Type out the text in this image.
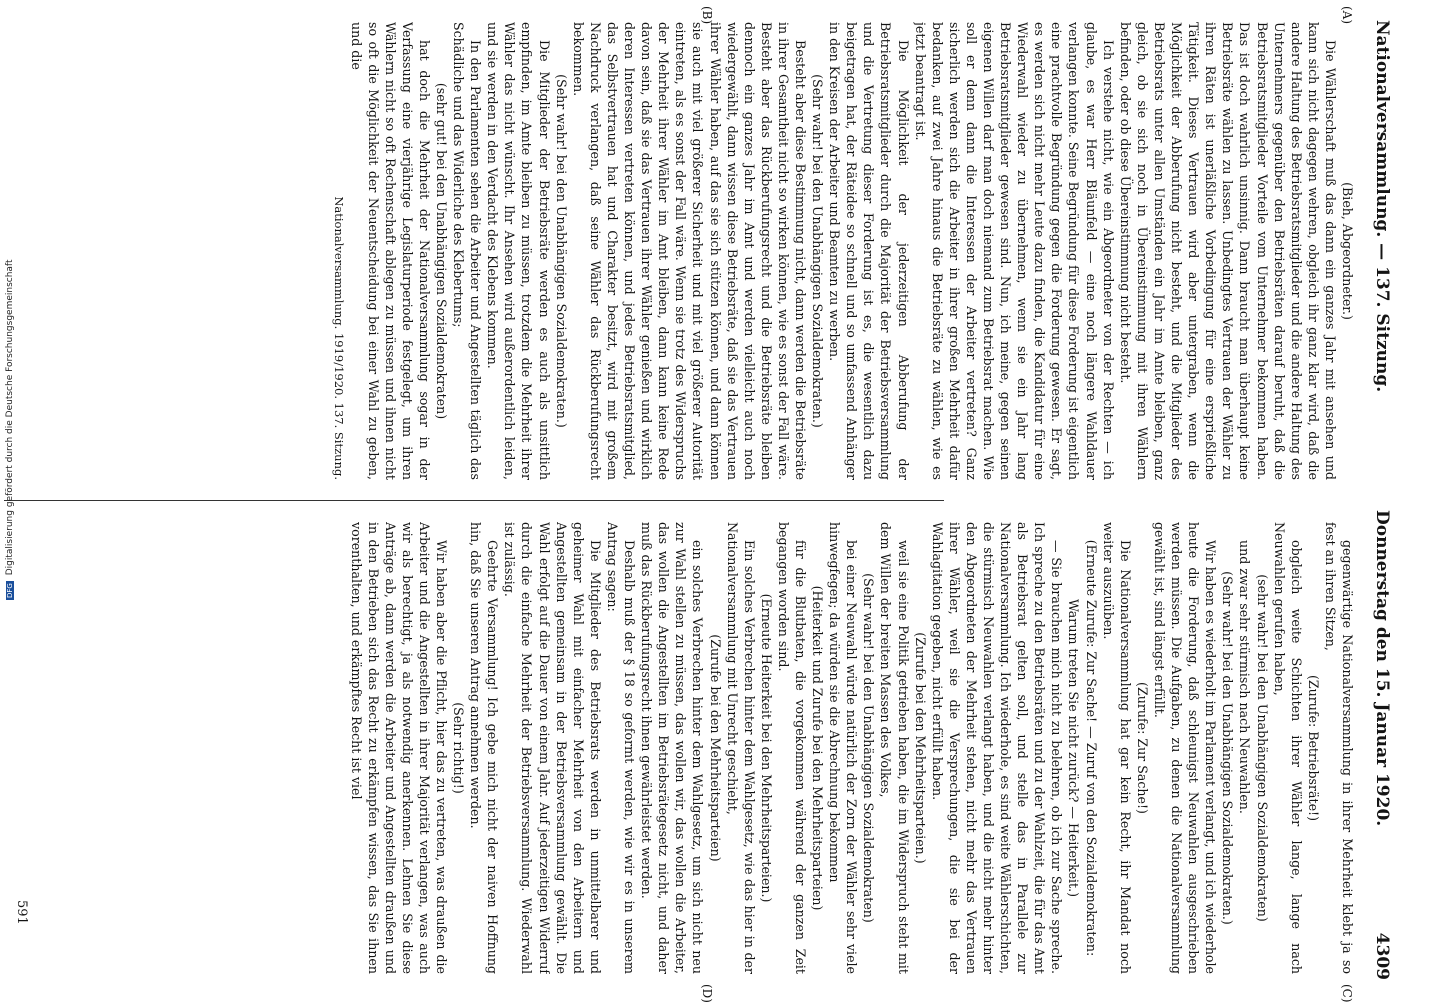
Nationalversammlung. — 137. Sitzung.
Donnerstag den 15. Januar 1920.
4309
(A)
(B)
(C)
(D)

(Bieh, Abgeordneter.)

Die Wählerschaft muß das dann ein ganzes Jahr mit ansehen und kann sich nicht dagegen wehren, obgleich ihr ganz klar wird, daß die andere Haltung des Betriebsratsmitglieder und die andere Haltung des Unternehmers gegenüber den Betriebsräten darauf beruht, daß die Betriebsratsmitglieder Vorteile vom Unternehmer bekommen haben. Das ist doch wahrlich unsinnig. Dann braucht man überhaupt keine Betriebsräte wählen zu lassen. Unbedingtes Vertrauen der Wähler zu ihren Räten ist unerläßliche Vorbedingung für eine ersprießliche Tätigkeit. Dieses Vertrauen wird aber untergraben, wenn die Möglichkeit der Abberufung nicht besteht, und die Mitglieder des Betriebsrats unter allen Umständen ein Jahr im Amte bleiben, ganz gleich, ob sie sich noch in Übereinstimmung mit ihren Wählern befinden, oder ob diese Übereinstimmung nicht besteht.

Ich verstehe nicht, wie ein Abgeordneter von der Rechten — ich glaube, es war Herr Bläunfeld — eine noch längere Wahldauer verlangen konnte. Seine Begründung für diese Forderung ist eigentlich eine prachtvolle Begründung gegen die Forderung gewesen. Er sagt, es werden sich nicht mehr Leute dazu finden, die Kandidatur für eine Wiederwahl wieder zu übernehmen, wenn sie ein Jahr lang Betriebsratsmitglieder gewesen sind. Nun, ich meine, gegen seinen eigenen Willen darf man doch niemand zum Betriebsrat machen. Wie soll er denn dann die Interessen der Arbeiter vertreten? Ganz sicherlich werden sich die Arbeiter in ihrer großen Mehrheit dafür bedanken, auf zwei Jahre hinaus die Betriebsräte zu wählen, wie es jetzt beantragt ist.

Die Möglichkeit der jederzeitigen Abberufung der Betriebsratsmitglieder durch die Majorität der Betriebsversammlung und die Vertretung dieser Forderung ist es, die wesentlich dazu beigetragen hat, der Räteidee so schnell und so umfassend Anhänger in den Kreisen der Arbeiter und Beamten zu werben.

(Sehr wahr! bei den Unabhängigen Sozialdemokraten.)

Besteht aber diese Bestimmung nicht, dann werden die Betriebsräte in ihrer Gesamtheit nicht so wirken können, wie es sonst der Fall wäre. Besteht aber das Rückberufungsrecht und die Betriebsräte bleiben dennoch ein ganzes Jahr im Amt und werden vielleicht auch noch wiedergewählt, dann wissen diese Betriebsräte, daß sie das Vertrauen ihrer Wähler haben, auf das sie sich stützen können, und dann können sie auch mit viel größerer Sicherheit und mit viel größerer Autorität eintreten, als es sonst der Fall wäre. Wenn sie trotz des Widerspruchs der Mehrheit ihrer Wähler im Amt bleiben, dann kann keine Rede davon sein, daß sie das Vertrauen ihrer Wähler genießen und wirklich deren Interessen vertreten können, und jedes Betriebsratsmitglied, das Selbstvertrauen hat und Charakter besitzt, wird mit großem Nachdruck verlangen, daß seine Wähler das Rückberufungsrecht bekommen.

(Sehr wahr! bei den Unabhängigen Sozialdemokraten.)

Die Mitglieder der Betriebsräte werden es auch als unsittlich empfinden, im Amte bleiben zu müssen, trotzdem die Mehrheit ihrer Wähler das nicht wünscht. Ihr Ansehen wird außerordentlich leiden, und sie werden in den Verdacht des Klebens kommen.

In den Parlamenten sehen die Arbeiter und Angestellten täglich das Schädliche und das Widerliche des Klebertums;

(sehr gut! bei den Unabhängigen Sozialdemokraten)

hat doch die Mehrheit der Nationalversammlung sogar in der Verfassung eine vierjährige Legislaturperiode festgelegt, um ihren Wählern nicht so oft Rechenschaft ablegen zu müssen und ihnen nicht so oft die Möglichkeit der Neuentscheidung bei einer Wahl zu geben, und die

Nationalversammlung. 1919/1920. 137. Sitzung.

gegenwärtige Nationalversammlung in ihrer Mehrheit klebt ja so fest an ihren Sitzen,

(Zurufe: Betriebsräte!)

obgleich weite Schichten ihrer Wähler lange, lange nach Neuwahlen gerufen haben,

(sehr wahr! bei den Unabhängigen Sozialdemokraten)

und zwar sehr stürmisch nach Neuwahlen.

(Sehr wahr! bei den Unabhängigen Sozialdemokraten.)

Wir haben es wiederholt im Parlament verlangt, und ich wiederhole heute die Forderung, daß schleunigst Neuwahlen ausgeschrieben werden müssen. Die Aufgaben, zu denen die Nationalversammlung gewählt ist, sind längst erfüllt.

(Zurufe: Zur Sache!)

Die Nationalversammlung hat gar kein Recht, ihr Mandat noch weiter auszuüben.

(Erneute Zurufe: Zur Sache! — Zuruf von den Sozialdemokraten: Warum treten Sie nicht zurück? — Heiterkeit.)

— Sie brauchen mich nicht zu belehren, ob ich zur Sache spreche. Ich spreche zu den Betriebsräten und zu der Wahlzeit, die für das Amt als Betriebsrat gelten soll, und stelle das in Parallele zur Nationalversammlung. Ich wiederhole, es sind weite Wählerschichten, die stürmisch Neuwahlen verlangt haben, und die nicht mehr hinter den Abgeordneten der Mehrheit stehen, nicht mehr das Vertrauen ihrer Wähler, weil sie die Versprechungen, die sie bei der Wahlagitation gegeben, nicht erfüllt haben.

(Zurufe bei den Mehrheitsparteien.)

weil sie eine Politik getrieben haben, die im Widerspruch steht mit dem Willen der breiten Massen des Volkes,

(Sehr wahr! bei den Unabhängigen Sozialdemokraten)

bei einer Neuwahl würde natürlich der Zorn der Wähler sehr viele hinwegfegen; da würden sie die Abrechnung bekommen

(Heiterkeit und Zurufe bei den Mehrheitsparteien)

für die Blutbaten, die vorgekommen während der ganzen Zeit begangen worden sind.

(Erneute Heiterkeit bei den Mehrheitsparteien.)

Ein solches Verbrechen hinter dem Wahlgesetz, wie das hier in der Nationalversammlung mit Unrecht geschieht,

(Zurufe bei den Mehrheitsparteien)

ein solches Verbrechen hinter dem Wahlgesetz, um sich nicht neu zur Wahl stellen zu müssen, das wollen wir, das wollen die Arbeiter, das wollen die Angestellten im Betriebsrätegesetz nicht, und daher muß das Rückberufungsrecht ihnen gewährleistet werden.

Deshalb muß der § 18 so geformt werden, wie wir es in unserem Antrag sagen:

Die Mitglieder des Betriebsrats werden in unmittelbarer und geheimer Wahl mit einfacher Mehrheit von den Arbeitern und Angestellten gemeinsam in der Betriebsversammlung gewählt. Die Wahl erfolgt auf die Dauer von einem Jahr. Auf jederzeitigen Widerruf durch die einfache Mehrheit der Betriebsversammlung. Wiederwahl ist zulässig.

Geehrte Versammlung! Ich gebe mich nicht der naiven Hoffnung hin, daß Sie unseren Antrag annehmen werden.

(Sehr richtig!)

Wir haben aber die Pflicht, hier das zu vertreten, was draußen die Arbeiter und die Angestellten in ihrer Majorität verlangen, was auch wir als berechtigt, ja als notwendig anerkennen. Lehnen Sie diese Anträge ab, dann werden die Arbeiter und Angestellten draußen und in den Betrieben sich das Recht zu erkämpfen wissen, das Sie ihnen vorenthalten, und erkämpftes Recht ist viel

591
DFG Digitalisierung gefördert durch die Deutsche Forschungsgemeinschaft
